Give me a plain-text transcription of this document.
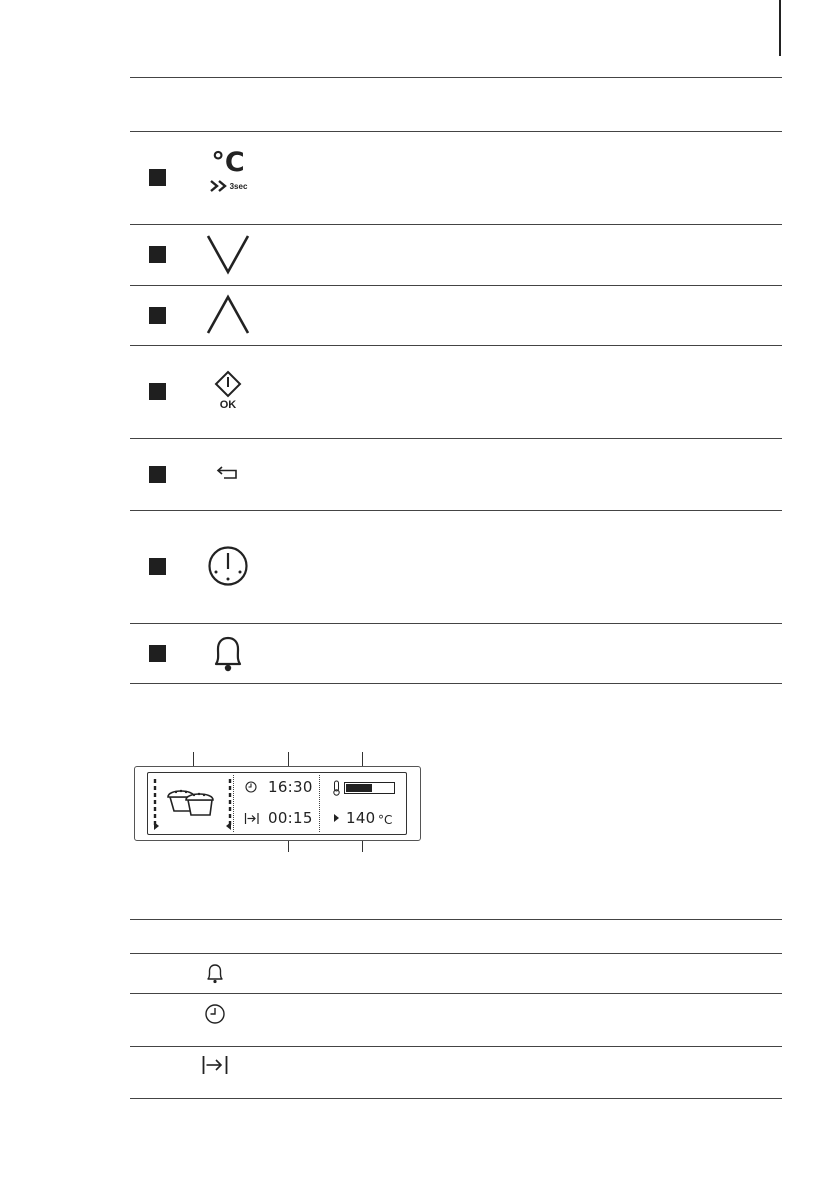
°C
3sec
OK
16:30
00:15 140 °C
